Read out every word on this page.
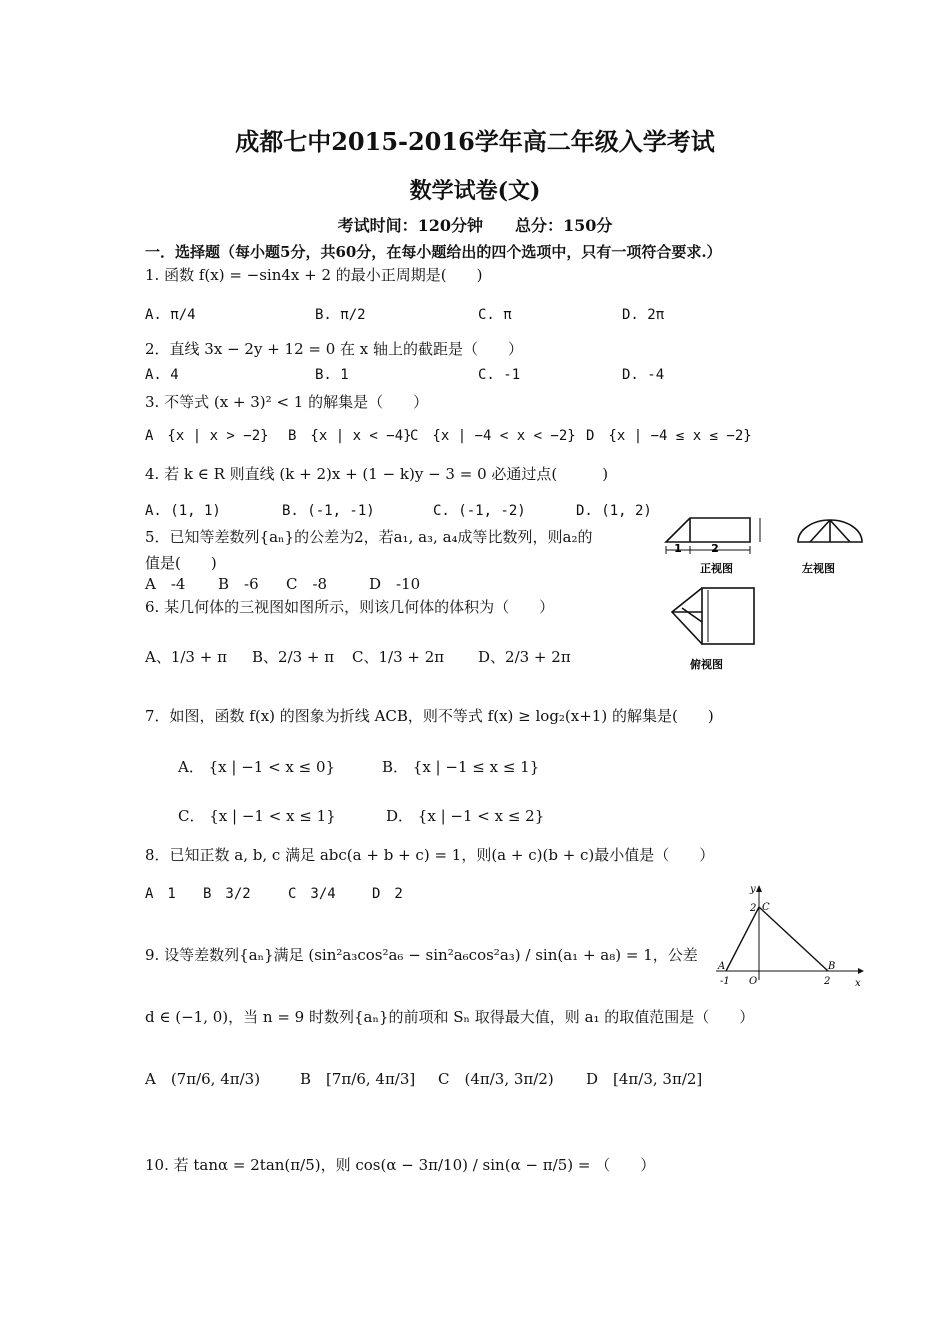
成都七中2015-2016学年高二年级入学考试
数学试卷(文)
考试时间：120分钟　　总分：150分
一．选择题（每小题5分，共60分，在每小题给出的四个选项中，只有一项符合要求.）
1. 函数 f(x) = −sin4x + 2 的最小正周期是(　　)
A. π/4	B. π/2	C. π	D. 2π
2．直线 3x − 2y + 12 = 0 在 x 轴上的截距是（　　）
A. 4	B. 1	C. -1	D. -4
3. 不等式 (x + 3)² < 1 的解集是（　　）
A　{x | x > −2} B　{x | x < −4}
C　{x | −4 < x < −2} D　{x | −4 ≤ x ≤ −2}
4. 若 k ∈ R 则直线 (k + 2)x + (1 − k)y − 3 = 0 必通过点(　　　)
A. (1, 1)	B. (-1, -1)	C. (-1, -2)	D. (1, 2)
5．已知等差数列{aₙ}的公差为2，若a₁, a₃, a₄成等比数列，则a₂的
值是(　　)
A　-4 B　-6 C　-8	D　-10
6. 某几何体的三视图如图所示，则该几何体的体积为（　　）
A、1/3 + π B、2/3 + π C、1/3 + 2π D、2/3 + 2π
2
1
正视图	左视图
俯视图
7．如图，函数 f(x) 的图象为折线 ACB，则不等式 f(x) ≥ log₂(x+1) 的解集是(　　)
A． {x | −1 < x ≤ 0}	B． {x | −1 ≤ x ≤ 1}
C． {x | −1 < x ≤ 1}	D． {x | −1 < x ≤ 2}
8．已知正数 a, b, c 满足 abc(a + b + c) = 1，则(a + c)(b + c)最小值是（　　）
A　1 B　3/2	C　3/4	D　2	y
x
C
2
A	B
-1 O	2
9. 设等差数列{aₙ}满足 (sin²a₃cos²a₆ − sin²a₆cos²a₃) / sin(a₁ + a₈) = 1，公差
d ∈ (−1, 0)，当 n = 9 时数列{aₙ}的前项和 Sₙ 取得最大值，则 a₁ 的取值范围是（　　）
A　(7π/6, 4π/3)	B　[7π/6, 4π/3] C　(4π/3, 3π/2) D　[4π/3, 3π/2]
10. 若 tanα = 2tan(π/5)，则 cos(α − 3π/10) / sin(α − π/5) = （　　）
